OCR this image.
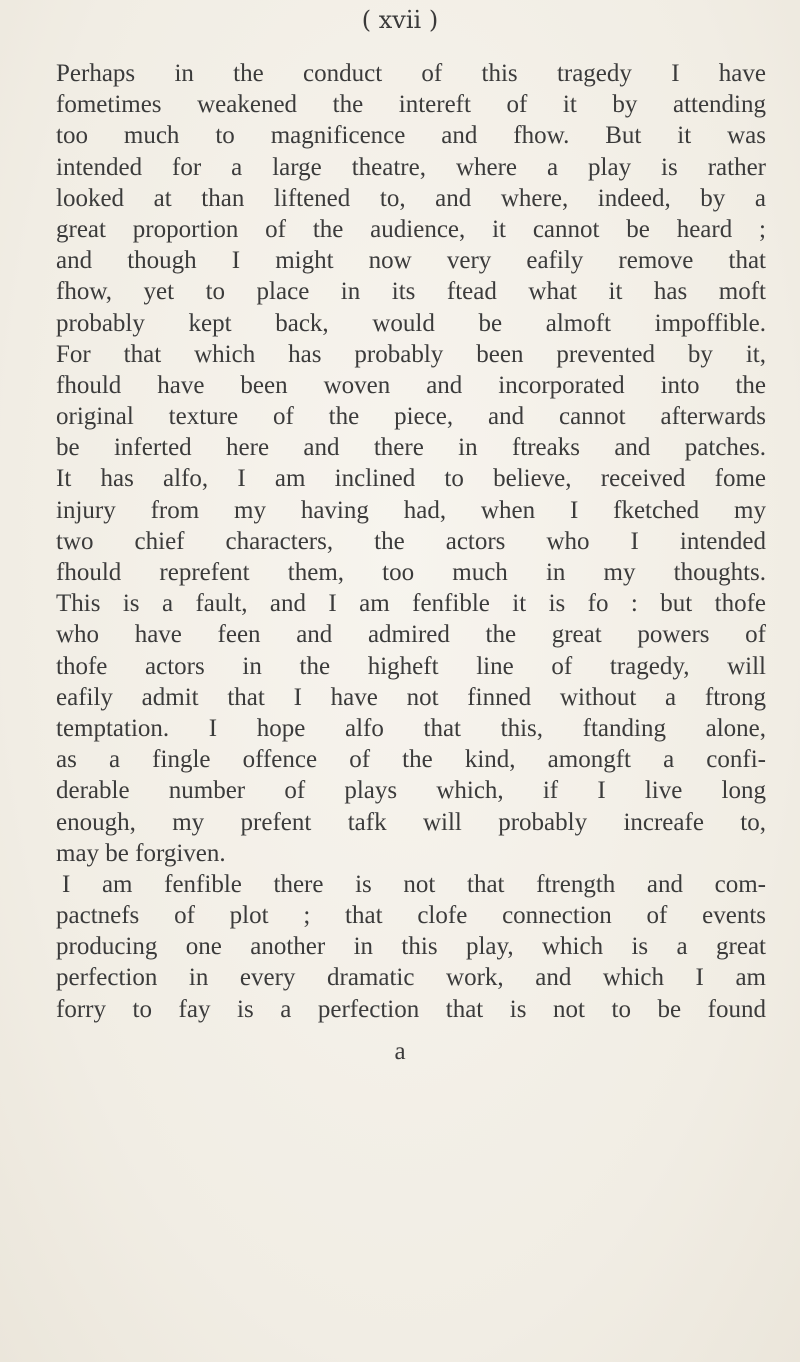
( xvii )
Perhaps in the conduct of this tragedy I have
fometimes weakened the intereft of it by attending
too much to magnificence and fhow. But it was
intended for a large theatre, where a play is rather
looked at than liftened to, and where, indeed, by a
great proportion of the audience, it cannot be heard ;
and though I might now very eafily remove that
fhow, yet to place in its ftead what it has moft
probably kept back, would be almoft impoffible.
For that which has probably been prevented by it,
fhould have been woven and incorporated into the
original texture of the piece, and cannot afterwards
be inferted here and there in ftreaks and patches.
It has alfo, I am inclined to believe, received fome
injury from my having had, when I fketched my
two chief characters, the actors who I intended
fhould reprefent them, too much in my thoughts.
This is a fault, and I am fenfible it is fo : but thofe
who have feen and admired the great powers of
thofe actors in the higheft line of tragedy, will
eafily admit that I have not finned without a ftrong
temptation. I hope alfo that this, ftanding alone,
as a fingle offence of the kind, amongft a confi-
derable number of plays which, if I live long
enough, my prefent tafk will probably increafe to,
may be forgiven.
I am fenfible there is not that ftrength and com-
pactnefs of plot ; that clofe connection of events
producing one another in this play, which is a great
perfection in every dramatic work, and which I am
forry to fay is a perfection that is not to be found
a
